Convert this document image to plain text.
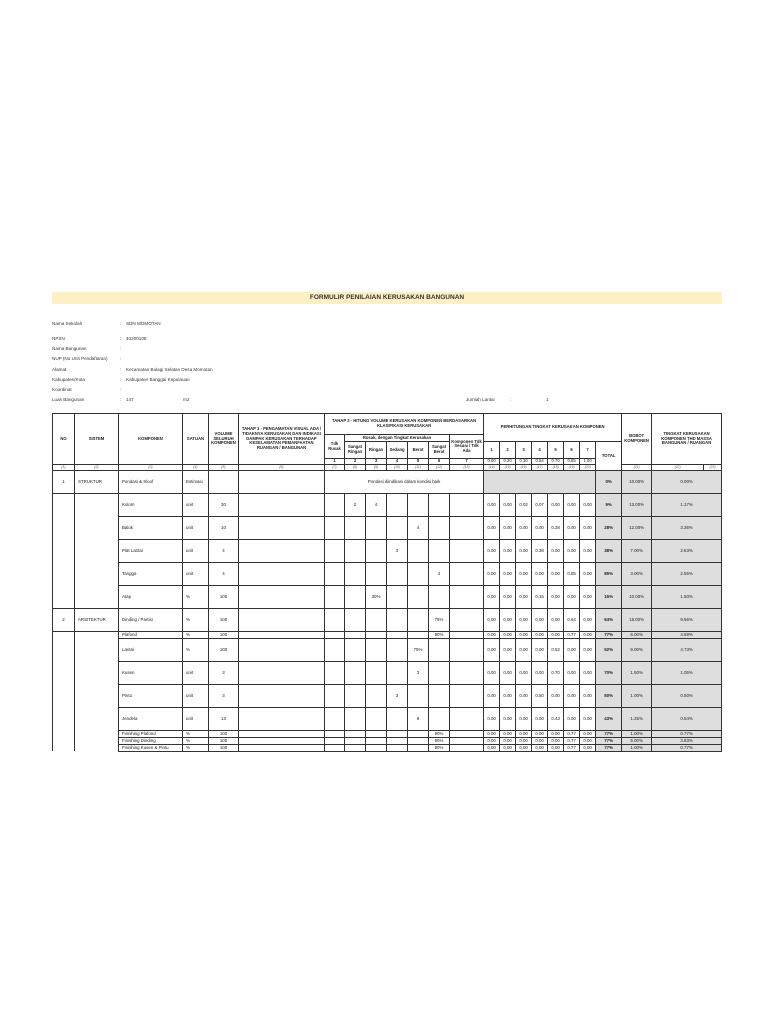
FORMULIR PENILAIAN KERUSAKAN BANGUNAN
Nama Sekolah	: SDN MOMOTAN
NPSN	: 40200108
Nama Bangunan	:
NUP (No Unit Pendaftaran)	:
Alamat	: Kecamatan Bulagi Selatan Desa Momotan
Kabupaten/Kota	: Kabupaten Banggai Kepulauan
Koordinat	:
Luas Bangunan	: 147	m2	Jumlah Lantai	:	1
NO	SISTEM	KOMPONEN	SATUAN	VOLUME SELURUH KOMPONEN	TAHAP 1 - PENGAMATAN VISUAL ADA / TIDAKNYA KERUSAKAN DAN INDIKASI DAMPAK KERUSAKAN TERHADAP KESELAMATAN PEMANFAATAN RUANGAN / BANGUNAN	TAHAP 2 - HITUNG VOLUME KERUSAKAN KOMPONEN BERDASARKAN KLASIFIKASI KERUSAKAN							PERHITUNGAN TINGKAT KERUSAKAN KOMPONEN								BOBOT KOMPONEN	TINGKAT KERUSAKAN KOMPONEN THD MASSA BANGUNAN / RUANGAN	
						Tdk Rusak	Rusak, dengan Tingkat Kerusakan					Komponen Tdk Sesuai / Tdk Ada											
							Sangat Ringan	Ringan	Sedang	Berat	Sangat Berat		1	2	3	4	5	6	7	TOTAL			
						1	2	3	4	5	6	7	0.00	0.20	0.30	0.54	0.70	0.85	1.00				
(1)	(2)	(3)	(4)	(5)	(6)	(7)	(8)	(9)	(10)	(11)	(12)	(13)	(14)	(15)	(16)	(17)	(18)	(19)	(20)		(21)	(22)	(23)
1	STRUKTUR	Pondasi & Sloof	Estimasi			Pondasi diindikasi dalam kondisi baik														0%	10.00%	0.00%	
		Kolom	unit	30			2	4					0.00	0.00	0.02	0.07	0.00	0.00	0.00	9%	13.00%	1.17%	
		Balok	unit	10						4			0.00	0.00	0.00	0.00	0.28	0.00	0.00	28%	12.00%	3.36%	
		Plat Lantai	unit	4					3				0.00	0.00	0.00	0.38	0.00	0.00	0.00	38%	7.00%	2.63%	
		Tangga	unit	4							4		0.00	0.00	0.00	0.00	0.00	0.85	0.00	85%	3.00%	2.55%	
		Atap	%	100				30%					0.00	0.00	0.00	0.15	0.00	0.00	0.00	15%	10.00%	1.50%	
2	ARSITEKTUR	Dinding / Partisi	%	100							75%		0.00	0.00	0.00	0.00	0.00	0.64	0.00	64%	15.00%	9.56%	
		Plafond	%	100							90%		0.00	0.00	0.00	0.00	0.00	0.77	0.00	77%	6.00%	4.59%	
		Lantai	%	100						75%			0.00	0.00	0.00	0.00	0.52	0.00	0.00	52%	9.00%	4.73%	
		Kusen	unit	3						3			0.00	0.00	0.00	0.00	0.70	0.00	0.00	70%	1.50%	1.05%	
		Pintu	unit	3					3				0.00	0.00	0.00	0.50	0.00	0.00	0.00	50%	1.00%	0.50%	
		Jendela	unit	13						8			0.00	0.00	0.00	0.00	0.43	0.00	0.00	43%	1.25%	0.54%	
		Finishing Plafond	%	100							90%		0.00	0.00	0.00	0.00	0.00	0.77	0.00	77%	1.00%	0.77%	
		Finishing Dinding	%	100							90%		0.00	0.00	0.00	0.00	0.00	0.77	0.00	77%	5.00%	3.83%	
		Finishing Kusen & Pintu	%	100							90%		0.00	0.00	0.00	0.00	0.00	0.77	0.00	77%	1.00%	0.77%	
